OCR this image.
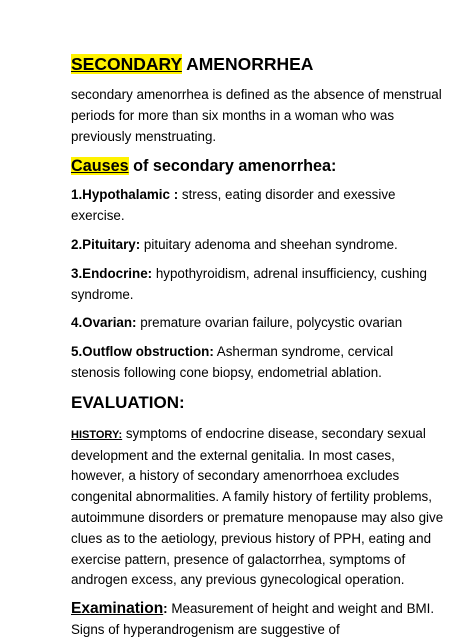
SECONDARY AMENORRHEA

secondary amenorrhea is defined as the absence of menstrual periods for more than six months in a woman who was previously menstruating.

Causes of secondary amenorrhea:

1.Hypothalamic : stress, eating disorder and exessive exercise.

2.Pituitary: pituitary adenoma and sheehan syndrome.

3.Endocrine: hypothyroidism, adrenal insufficiency, cushing syndrome.

4.Ovarian: premature ovarian failure, polycystic ovarian

5.Outflow obstruction: Asherman syndrome, cervical stenosis following cone biopsy, endometrial ablation.

EVALUATION:

HISTORY: symptoms of endocrine disease, secondary sexual development and the external genitalia. In most cases, however, a history of secondary amenorrhoea excludes congenital abnormalities. A family history of fertility problems, autoimmune disorders or premature menopause may also give clues as to the aetiology, previous history of PPH, eating and exercise pattern, presence of galactorrhea, symptoms of androgen excess, any previous gynecological operation.

Examination: Measurement of height and weight and BMI. Signs of hyperandrogenism are suggestive of
